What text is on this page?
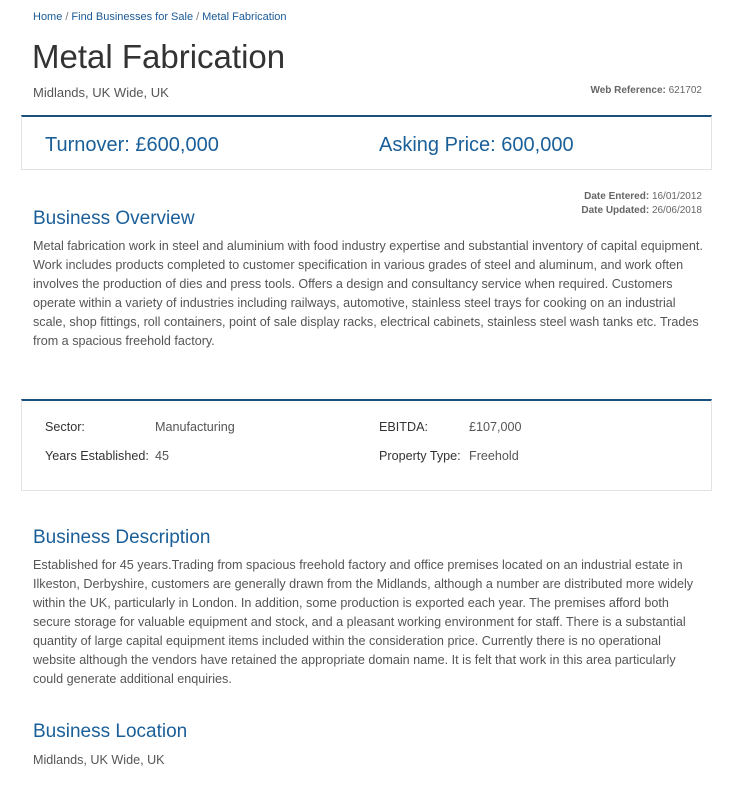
Home / Find Businesses for Sale / Metal Fabrication
Metal Fabrication
Midlands, UK Wide, UK	Web Reference: 621702
Turnover: £600,000	Asking Price: 600,000
Date Entered: 16/01/2012
Date Updated: 26/06/2018
Business Overview

Metal fabrication work in steel and aluminium with food industry expertise and substantial inventory of capital equipment. Work includes products completed to customer specification in various grades of steel and aluminum, and work often involves the production of dies and press tools. Offers a design and consultancy service when required. Customers operate within a variety of industries including railways, automotive, stainless steel trays for cooking on an industrial scale, shop fittings, roll containers, point of sale display racks, electrical cabinets, stainless steel wash tanks etc. Trades from a spacious freehold factory.

Sector:	Manufacturing	EBITDA:	£107,000
Years Established: 45	Property Type: Freehold
Business Description

Established for 45 years.Trading from spacious freehold factory and office premises located on an industrial estate in Ilkeston, Derbyshire, customers are generally drawn from the Midlands, although a number are distributed more widely within the UK, particularly in London. In addition, some production is exported each year. The premises afford both secure storage for valuable equipment and stock, and a pleasant working environment for staff. There is a substantial quantity of large capital equipment items included within the consideration price. Currently there is no operational website although the vendors have retained the appropriate domain name. It is felt that work in this area particularly could generate additional enquiries.

Business Location

Midlands, UK Wide, UK
